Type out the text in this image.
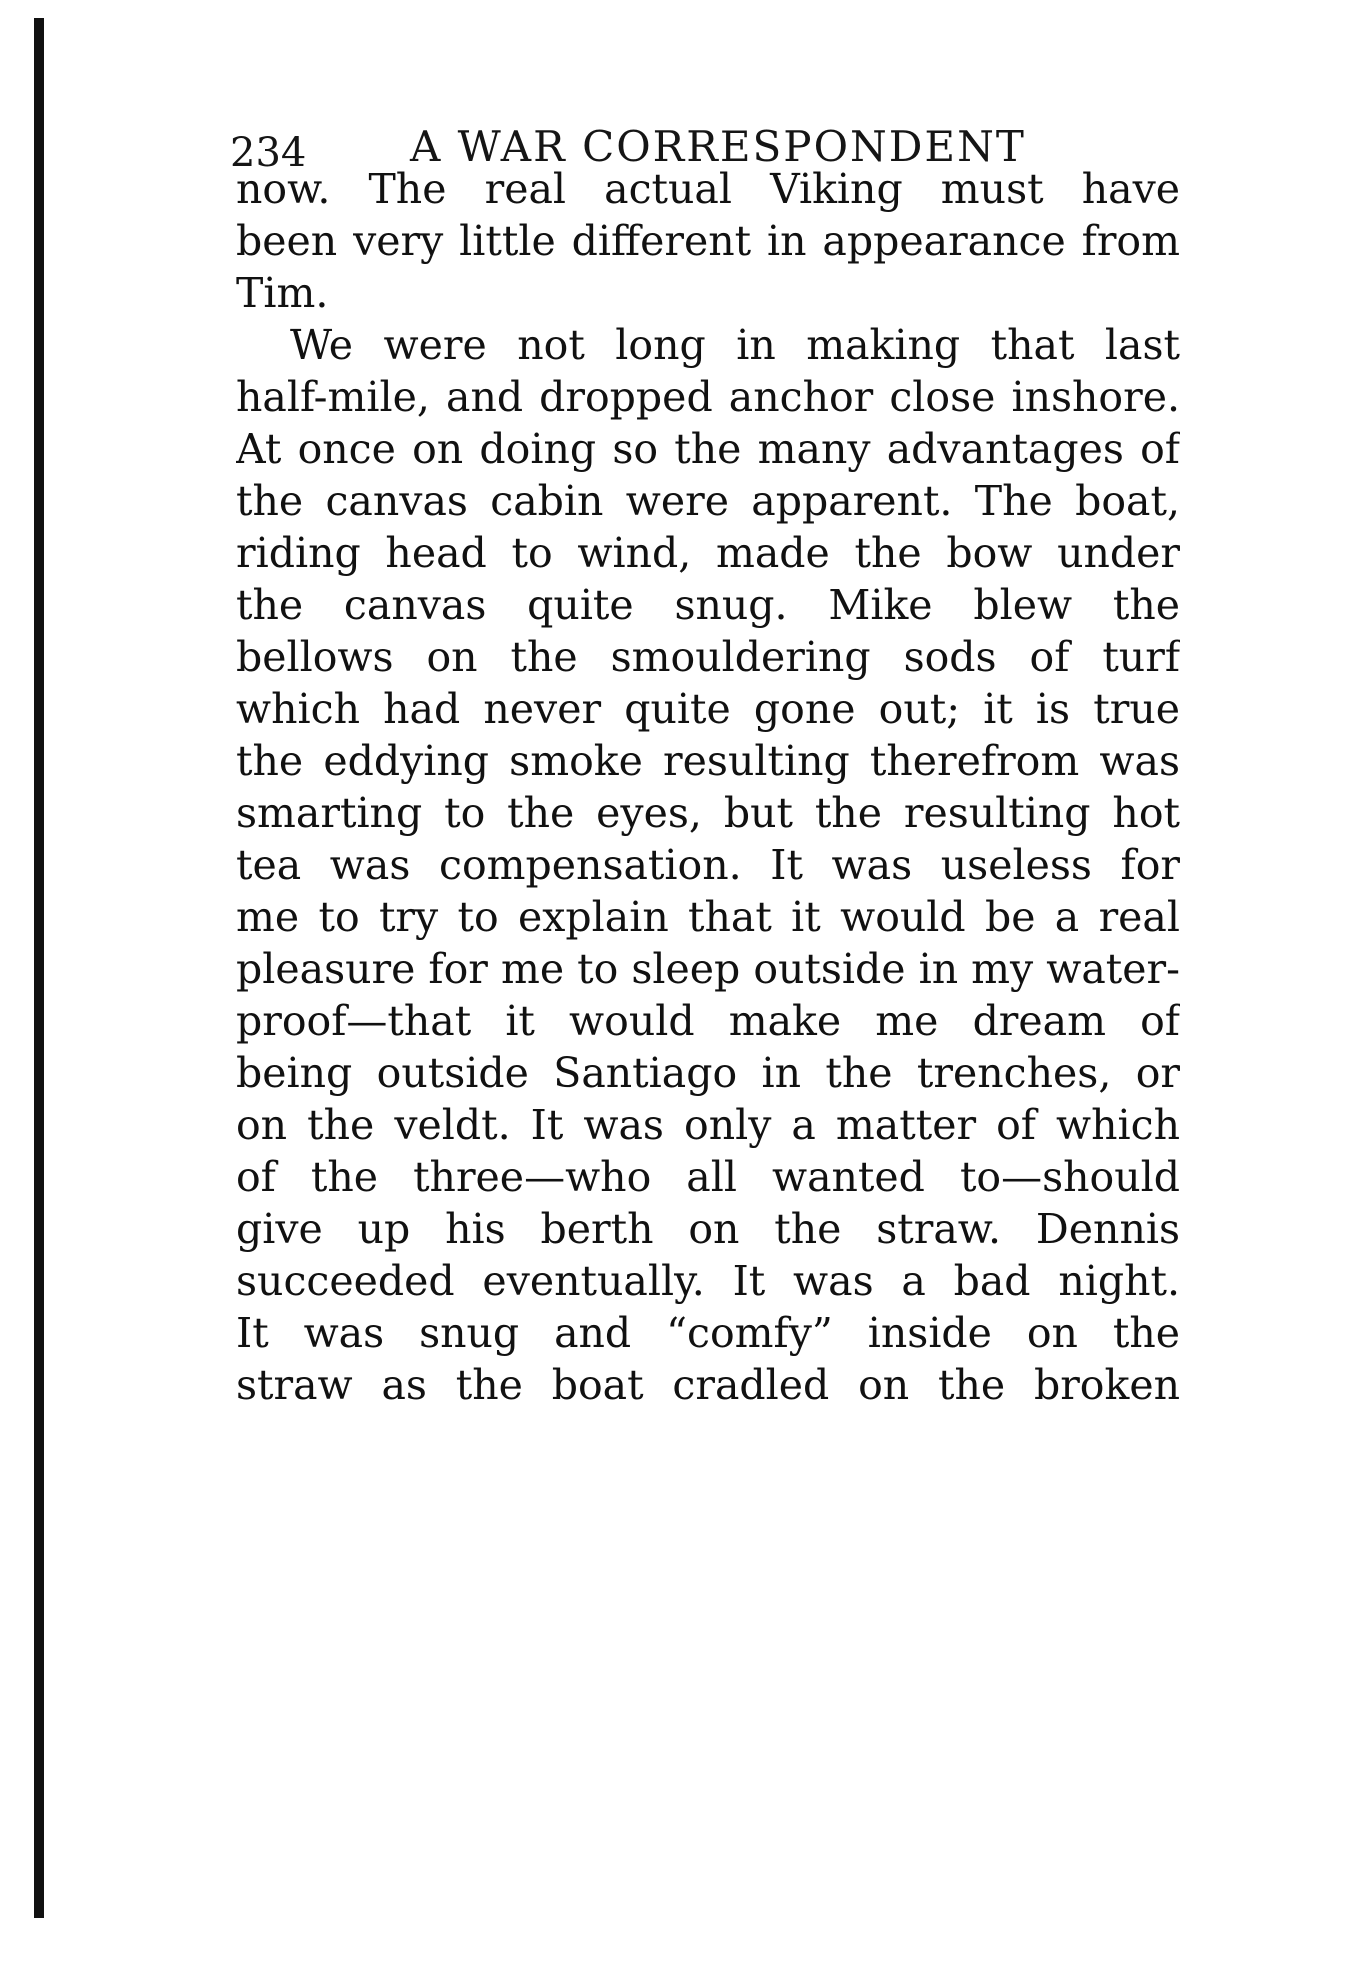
234 A WAR CORRESPONDENT
now. The real actual Viking must have
been very little different in appearance from
Tim.
We were not long in making that last
half-mile, and dropped anchor close inshore.
At once on doing so the many advantages of
the canvas cabin were apparent. The boat,
riding head to wind, made the bow under
the canvas quite snug. Mike blew the
bellows on the smouldering sods of turf
which had never quite gone out; it is true
the eddying smoke resulting therefrom was
smarting to the eyes, but the resulting hot
tea was compensation. It was useless for
me to try to explain that it would be a real
pleasure for me to sleep outside in my water-
proof—that it would make me dream of
being outside Santiago in the trenches, or
on the veldt. It was only a matter of which
of the three—who all wanted to—should
give up his berth on the straw. Dennis
succeeded eventually. It was a bad night.
It was snug and “comfy” inside on the
straw as the boat cradled on the broken
